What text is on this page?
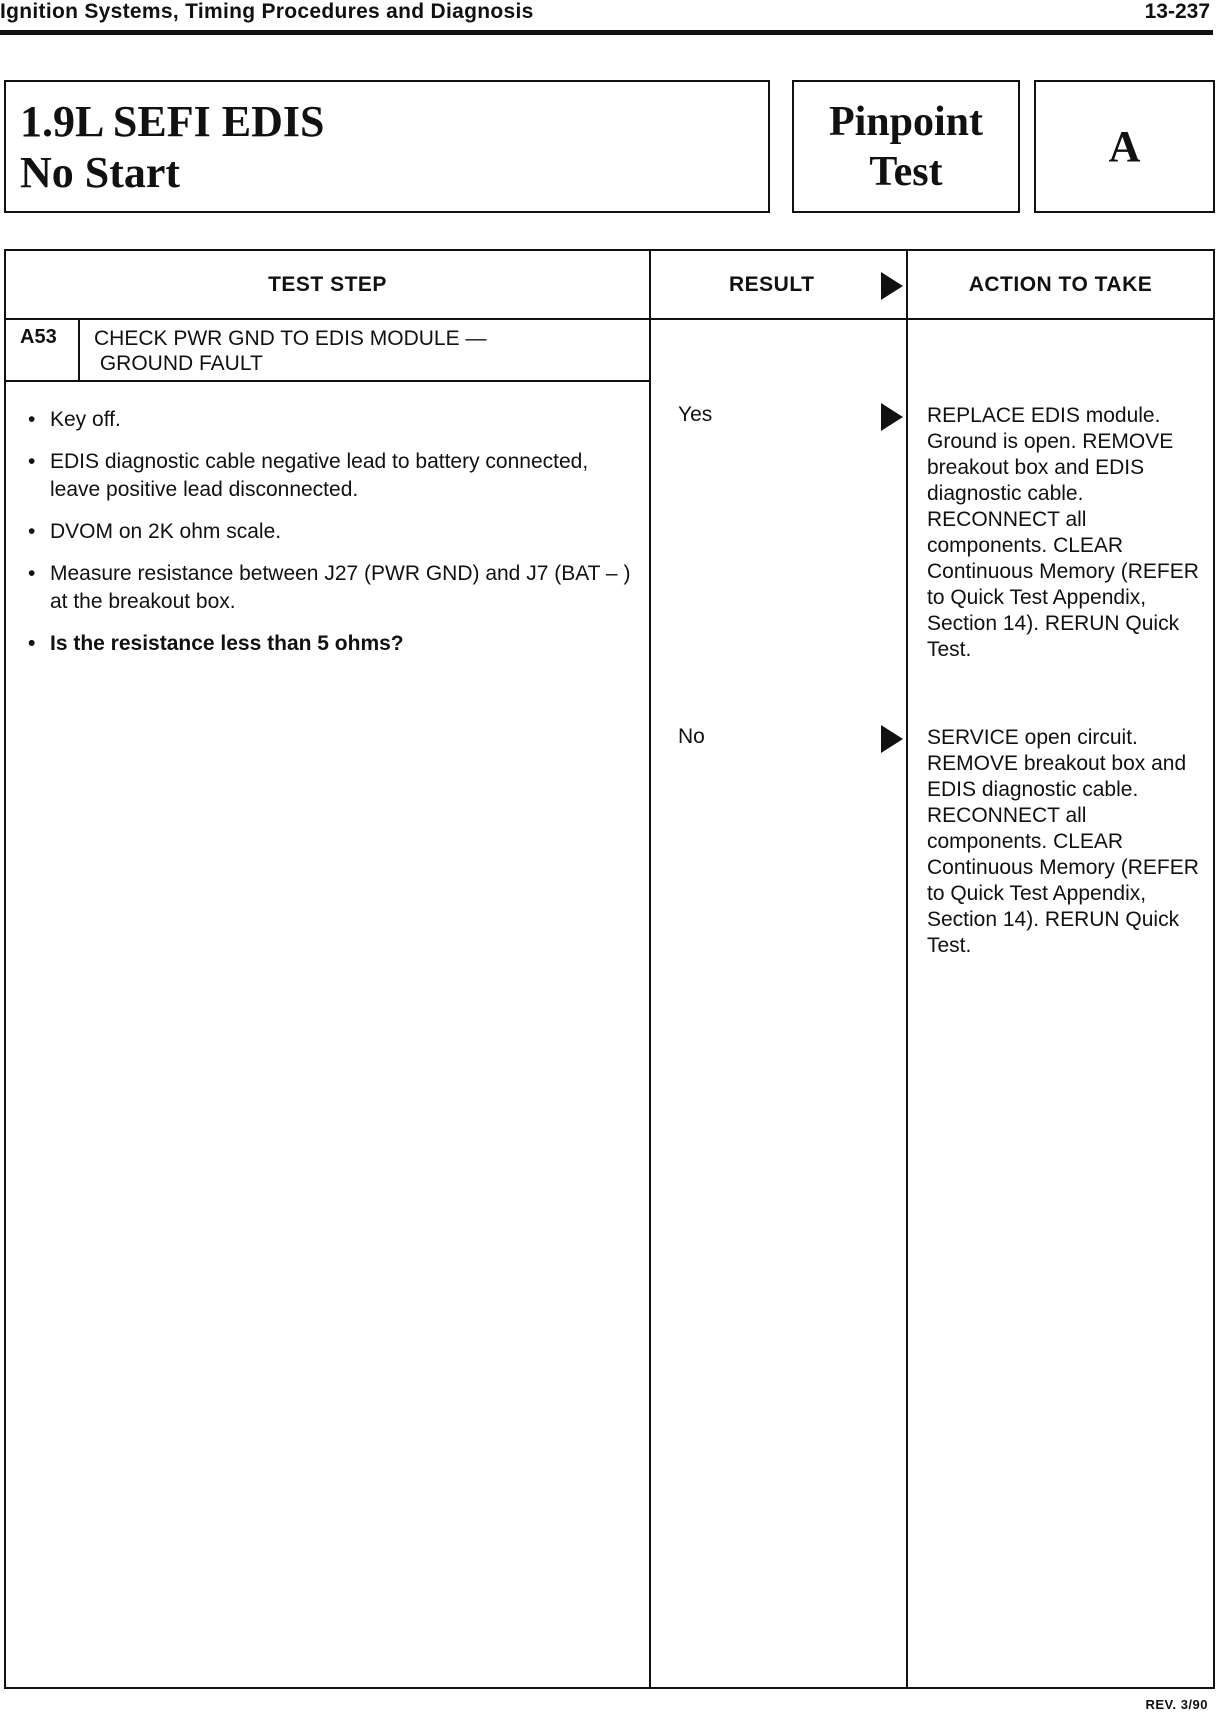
Ignition Systems, Timing Procedures and Diagnosis	13-237
1.9L SEFI EDIS
No Start
Pinpoint
Test
A
TEST STEP	RESULT	ACTION TO TAKE
A53	CHECK PWR GND TO EDIS MODULE —
GROUND FAULT
• Key off.
• EDIS diagnostic cable negative lead to battery connected, leave positive lead disconnected.
• DVOM on 2K ohm scale.
• Measure resistance between J27 (PWR GND) and J7 (BAT – ) at the breakout box.
• Is the resistance less than 5 ohms?
Yes	REPLACE EDIS module. Ground is open. REMOVE breakout box and EDIS diagnostic cable. RECONNECT all components. CLEAR Continuous Memory (REFER to Quick Test Appendix, Section 14). RERUN Quick Test.
No	SERVICE open circuit. REMOVE breakout box and EDIS diagnostic cable. RECONNECT all components. CLEAR Continuous Memory (REFER to Quick Test Appendix, Section 14). RERUN Quick Test.
REV. 3/90
